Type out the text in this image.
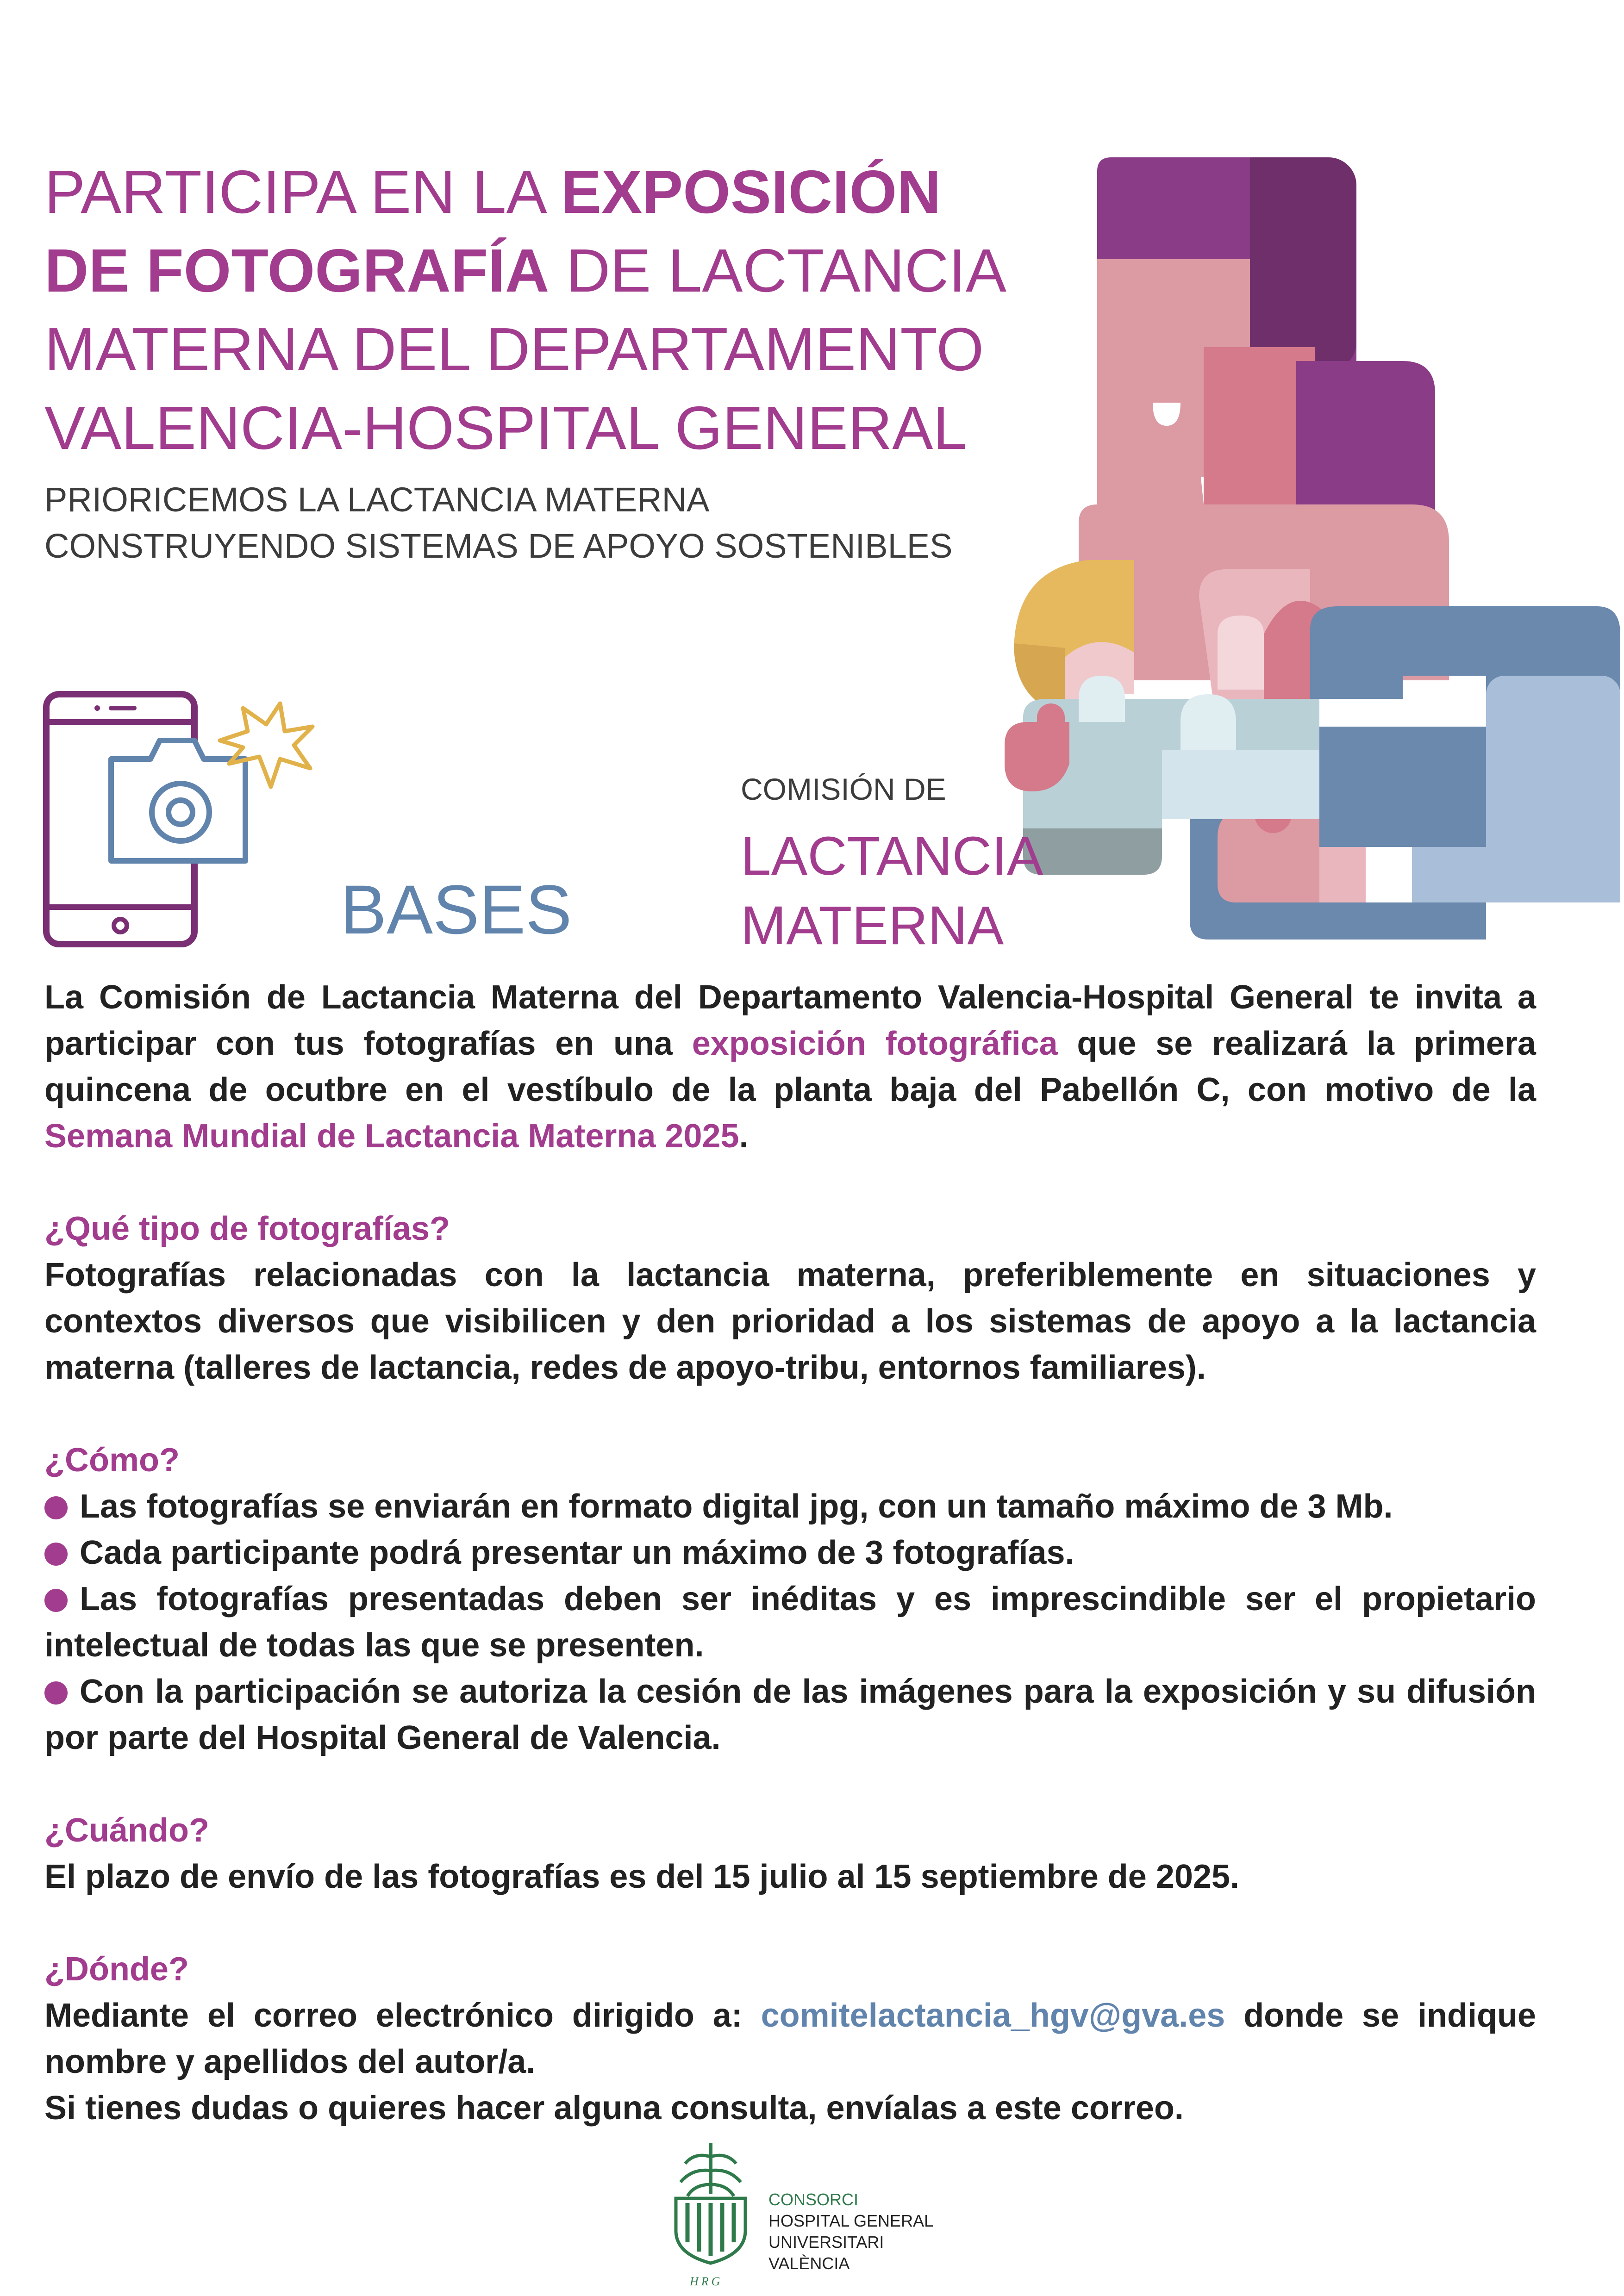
PARTICIPA EN LA EXPOSICIÓN
DE FOTOGRAFÍA DE LACTANCIA
MATERNA DEL DEPARTAMENTO
VALENCIA-HOSPITAL GENERAL
PRIORICEMOS LA LACTANCIA MATERNA
CONSTRUYENDO SISTEMAS DE APOYO SOSTENIBLES
BASES
COMISIÓN DE
LACTANCIA
MATERNA

La Comisión de Lactancia Materna del Departamento Valencia-Hospital General te invita a participar con tus fotografías en una exposición fotográfica que se realizará la primera quincena de ocutbre en el vestíbulo de la planta baja del Pabellón C, con motivo de la Semana Mundial de Lactancia Materna 2025.

¿Qué tipo de fotografías?

Fotografías relacionadas con la lactancia materna, preferiblemente en situaciones y contextos diversos que visibilicen y den prioridad a los sistemas de apoyo a la lactancia materna (talleres de lactancia, redes de apoyo-tribu, entornos familiares).

¿Cómo?

Las fotografías se enviarán en formato digital jpg, con un tamaño máximo de 3 Mb.

Cada participante podrá presentar un máximo de 3 fotografías.

Las fotografías presentadas deben ser inéditas y es imprescindible ser el propietario intelectual de todas las que se presenten.

Con la participación se autoriza la cesión de las imágenes para la exposición y su difusión por parte del Hospital General de Valencia.

¿Cuándo?

El plazo de envío de las fotografías es del 15 julio al 15 septiembre de 2025.

¿Dónde?

Mediante el correo electrónico dirigido a: comitelactancia_hgv@gva.es donde se indique nombre y apellidos del autor/a.

Si tienes dudas o quieres hacer alguna consulta, envíalas a este correo.

HRG
CONSORCI
HOSPITAL GENERAL
UNIVERSITARI
VALÈNCIA
